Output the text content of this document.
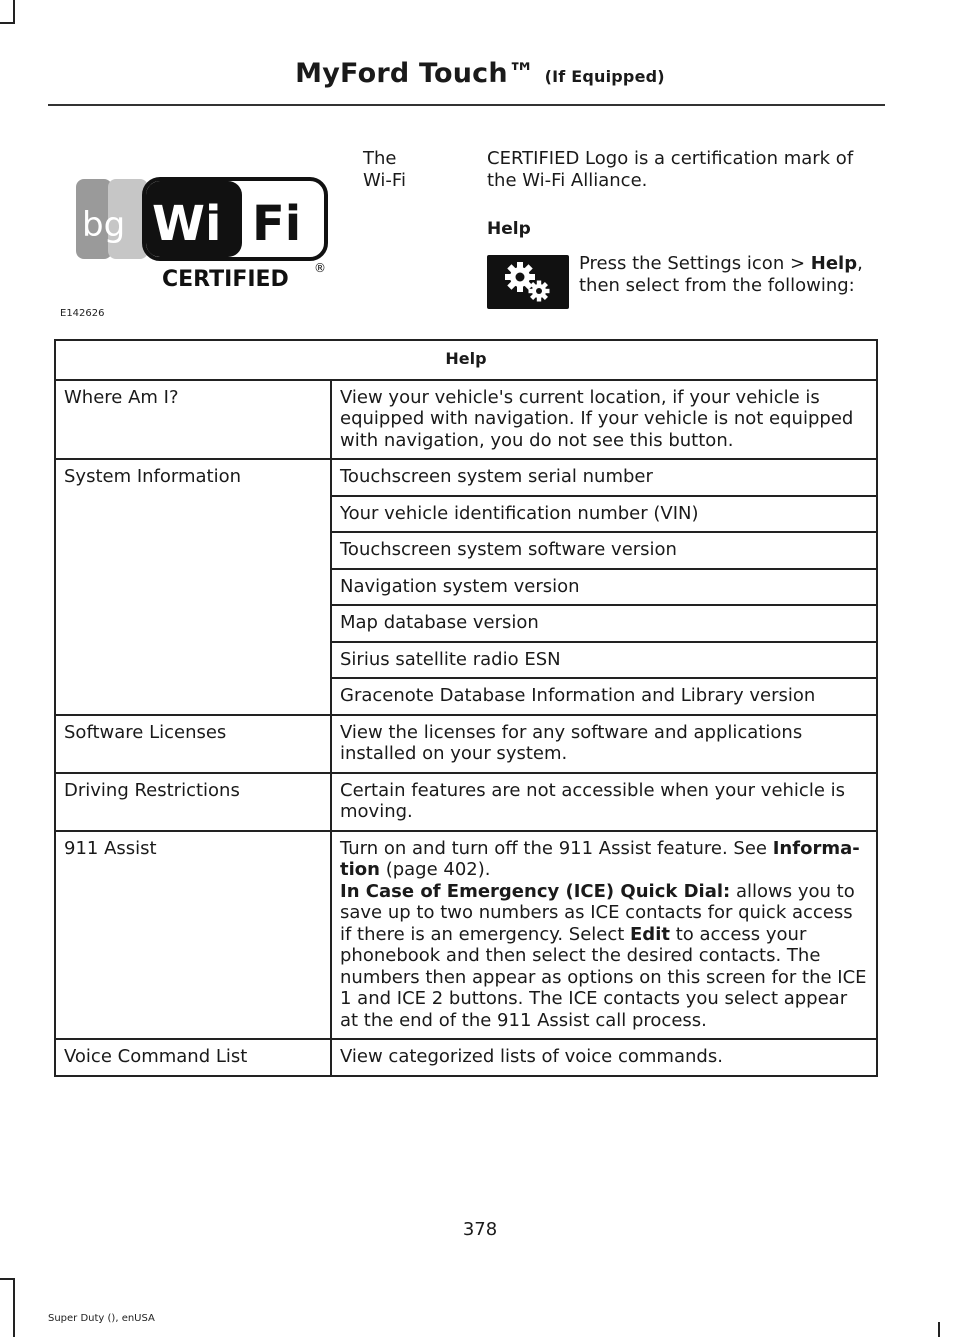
MyFord Touch™ (If Equipped)
bg Wi Fi
CERTIFIED ®
E142626
The
Wi-Fi
CERTIFIED Logo is a certification mark of the Wi-Fi Alliance.
Help
Press the Settings icon > Help, then select from the following:
Help	
Where Am I?	View your vehicle's current location, if your vehicle is equipped with navigation. If your vehicle is not equipped with navigation, you do not see this button.
System Information	Touchscreen system serial number
	Your vehicle identification number (VIN)
	Touchscreen system software version
	Navigation system version
	Map database version
	Sirius satellite radio ESN
	Gracenote Database Information and Library version
Software Licenses	View the licenses for any software and applications installed on your system.
Driving Restrictions	Certain features are not accessible when your vehicle is moving.
911 Assist	Turn on and turn off the 911 Assist feature. See Informa-tion (page 402).
In Case of Emergency (ICE) Quick Dial: allows you to save up to two numbers as ICE contacts for quick access if there is an emergency. Select Edit to access your phonebook and then select the desired contacts. The numbers then appear as options on this screen for the ICE 1 and ICE 2 buttons. The ICE contacts you select appear at the end of the 911 Assist call process.
Voice Command List	View categorized lists of voice commands.
378
Super Duty (), enUSA
